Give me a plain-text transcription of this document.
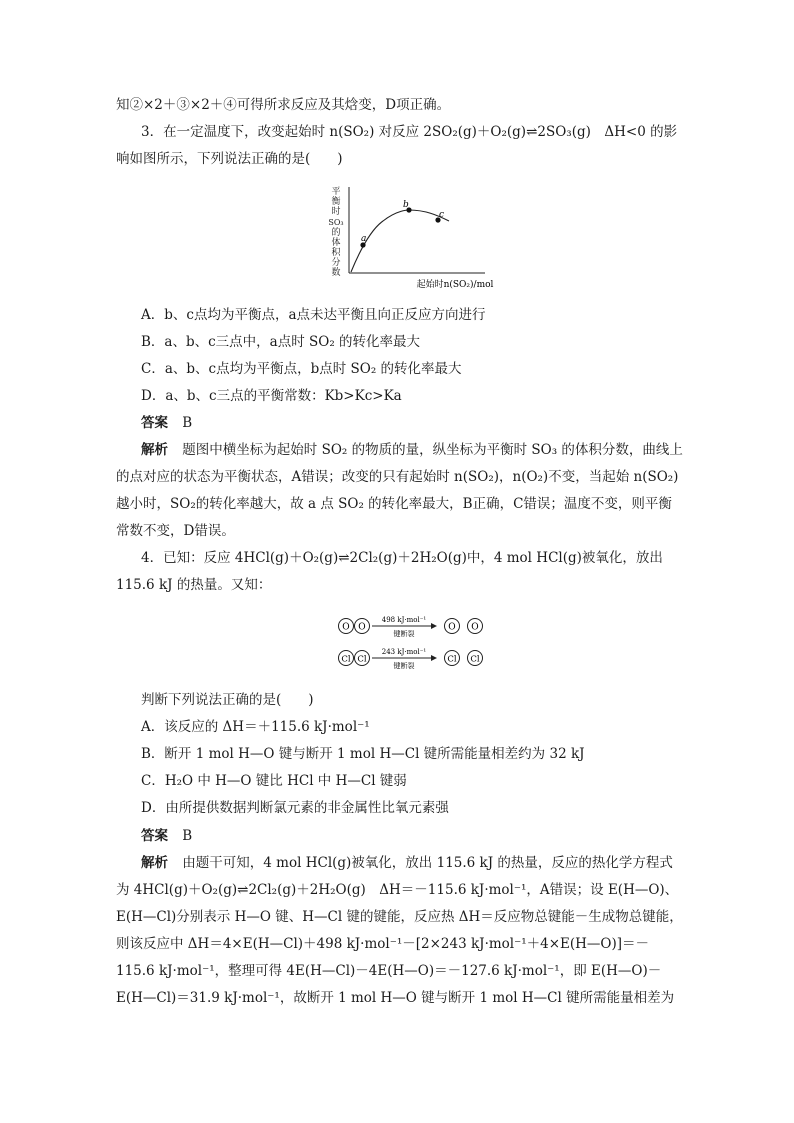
知②×2＋③×2＋④可得所求反应及其焓变，D项正确。
3．在一定温度下，改变起始时 n(SO₂) 对反应 2SO₂(g)＋O₂(g)⇌2SO₃(g)　ΔH<0 的影
响如图所示，下列说法正确的是(　　)
平
衡
时
SO₃
的
体
积
分
数
a
b
c
起始时n(SO₂)/mol
A．b、c点均为平衡点，a点未达平衡且向正反应方向进行
B．a、b、c三点中，a点时 SO₂ 的转化率最大
C．a、b、c点均为平衡点，b点时 SO₂ 的转化率最大
D．a、b、c三点的平衡常数：Kb>Kc>Ka
答案 B
解析 题图中横坐标为起始时 SO₂ 的物质的量，纵坐标为平衡时 SO₃ 的体积分数，曲线上
的点对应的状态为平衡状态，A错误；改变的只有起始时 n(SO₂)，n(O₂)不变，当起始 n(SO₂)
越小时，SO₂的转化率越大，故 a 点 SO₂ 的转化率最大，B正确，C错误；温度不变，则平衡
常数不变，D错误。
4．已知：反应 4HCl(g)＋O₂(g)⇌2Cl₂(g)＋2H₂O(g)中，4 mol HCl(g)被氧化，放出
115.6 kJ 的热量。又知：
O O
498 kJ·mol⁻¹
键断裂
O O
Cl Cl
243 kJ·mol⁻¹
键断裂
Cl Cl
判断下列说法正确的是(　　)
A．该反应的 ΔH＝＋115.6 kJ·mol⁻¹
B．断开 1 mol H—O 键与断开 1 mol H—Cl 键所需能量相差约为 32 kJ
C．H₂O 中 H—O 键比 HCl 中 H—Cl 键弱
D．由所提供数据判断氯元素的非金属性比氧元素强
答案 B
解析 由题干可知，4 mol HCl(g)被氧化，放出 115.6 kJ 的热量，反应的热化学方程式
为 4HCl(g)＋O₂(g)⇌2Cl₂(g)＋2H₂O(g)　ΔH＝－115.6 kJ·mol⁻¹，A错误；设 E(H—O)、
E(H—Cl)分别表示 H—O 键、H—Cl 键的键能，反应热 ΔH＝反应物总键能－生成物总键能，
则该反应中 ΔH＝4×E(H—Cl)＋498 kJ·mol⁻¹－[2×243 kJ·mol⁻¹＋4×E(H—O)]＝－
115.6 kJ·mol⁻¹，整理可得 4E(H—Cl)－4E(H—O)＝－127.6 kJ·mol⁻¹，即 E(H—O)－
E(H—Cl)＝31.9 kJ·mol⁻¹，故断开 1 mol H—O 键与断开 1 mol H—Cl 键所需能量相差为
